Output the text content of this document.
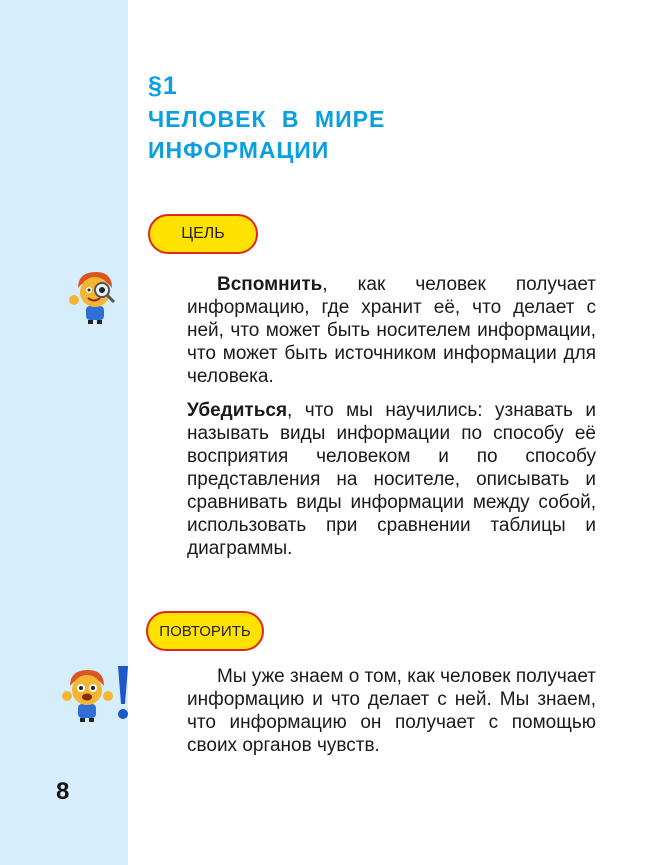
§1
ЧЕЛОВЕК В МИРЕ
ИНФОРМАЦИИ
ЦЕЛЬ

Вспомнить, как человек получает информацию, где хранит её, что делает с ней, что может быть носителем информации, что может быть источником информации для человека.

Убедиться, что мы научились: узнавать и называть виды информации по способу её восприятия человеком и по способу представления на носителе, описывать и сравнивать виды информации между собой, использовать при сравнении таблицы и диаграммы.

ПОВТОРИТЬ

Мы уже знаем о том, как человек получает информацию и что делает с ней. Мы знаем, что информацию он получает с помощью своих органов чувств.

8
